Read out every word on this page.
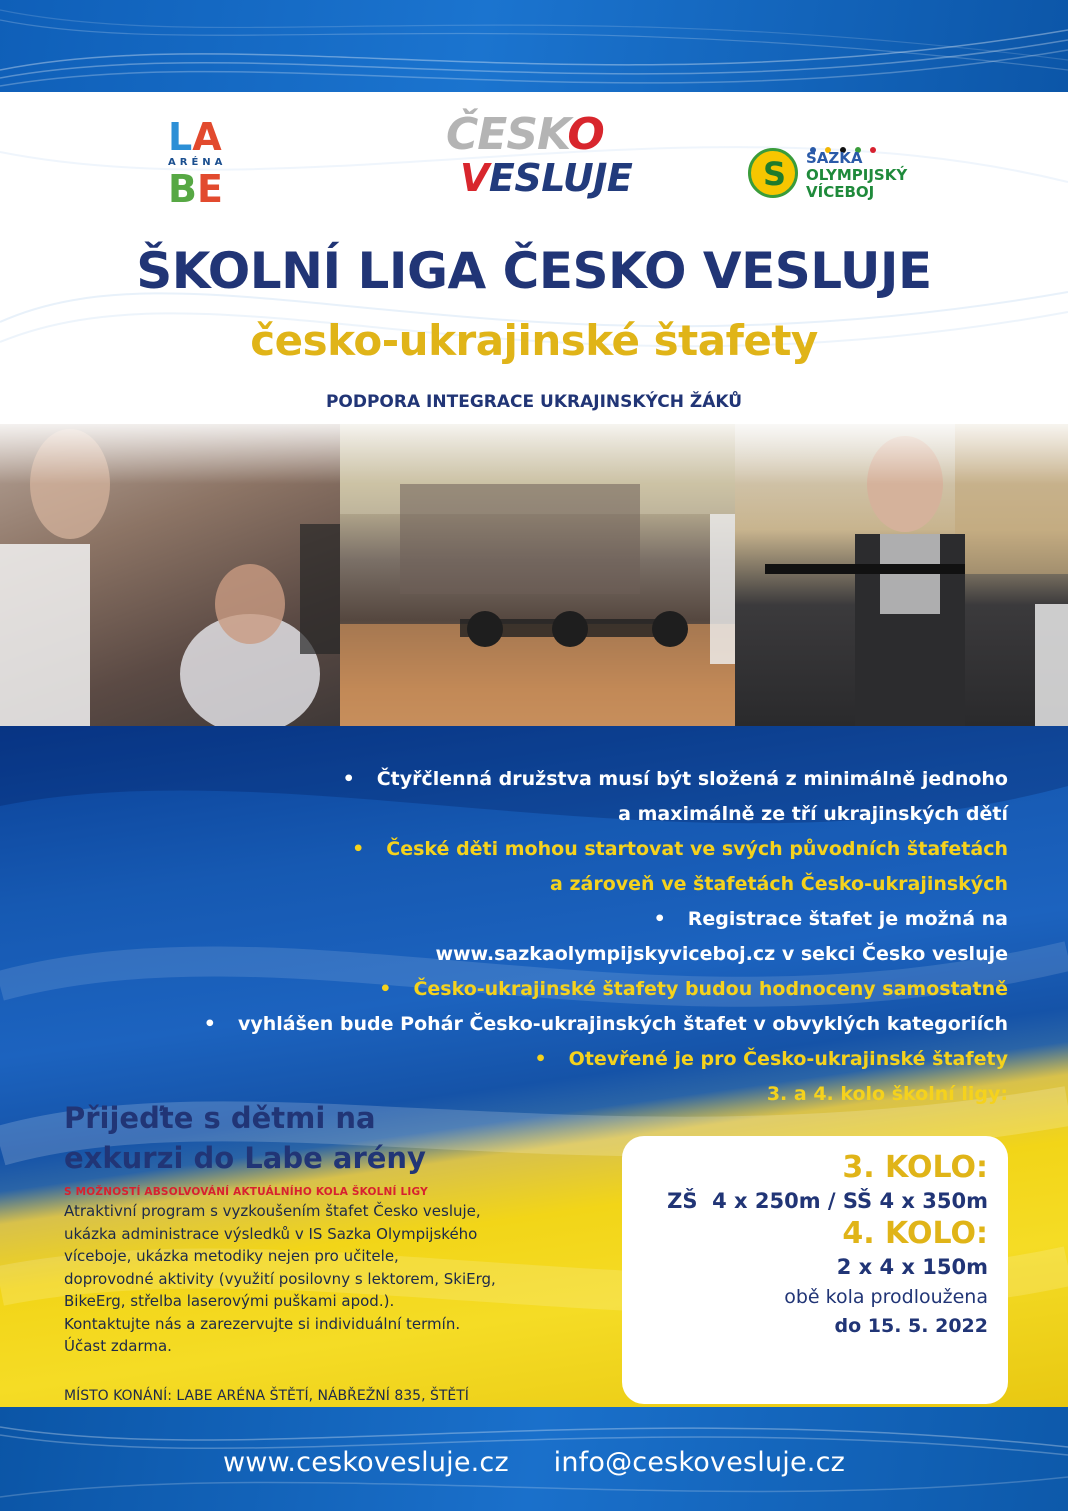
LA
ARÉNA
BE
ČESKO
VESLUJE
S	SAZKA
OLYMPIJSKÝ
VÍCEBOJ
ŠKOLNÍ LIGA ČESKO VESLUJE
česko-ukrajinské štafety
PODPORA INTEGRACE UKRAJINSKÝCH ŽÁKŮ
• Čtyřčlenná družstva musí být složená z minimálně jednoho
a maximálně ze tří ukrajinských dětí
• České děti mohou startovat ve svých původních štafetách
a zároveň ve štafetách Česko-ukrajinských
• Registrace štafet je možná na
www.sazkaolympijskyviceboj.cz v sekci Česko vesluje
• Česko-ukrajinské štafety budou hodnoceny samostatně
• vyhlášen bude Pohár Česko-ukrajinských štafet v obvyklých kategoriích
• Otevřené je pro Česko-ukrajinské štafety
3. a 4. kolo školní ligy:
Přijeďte s dětmi na
exkurzi do Labe arény
S MOŽNOSTÍ ABSOLVOVÁNÍ AKTUÁLNÍHO KOLA ŠKOLNÍ LIGY
Atraktivní program s vyzkoušením štafet Česko vesluje,
ukázka administrace výsledků v IS Sazka Olympijského
víceboje, ukázka metodiky nejen pro učitele,
doprovodné aktivity (využití posilovny s lektorem, SkiErg,
BikeErg, střelba laserovými puškami apod.).
Kontaktujte nás a zarezervujte si individuální termín.
Účast zdarma.
MÍSTO KONÁNÍ: LABE ARÉNA ŠTĚTÍ, NÁBŘEŽNÍ 835, ŠTĚTÍ
3. KOLO:
ZŠ  4 x 250m / SŠ 4 x 350m
4. KOLO:
2 x 4 x 150m
obě kola prodloužena
do 15. 5. 2022
www.ceskovesluje.cz info@ceskovesluje.cz
